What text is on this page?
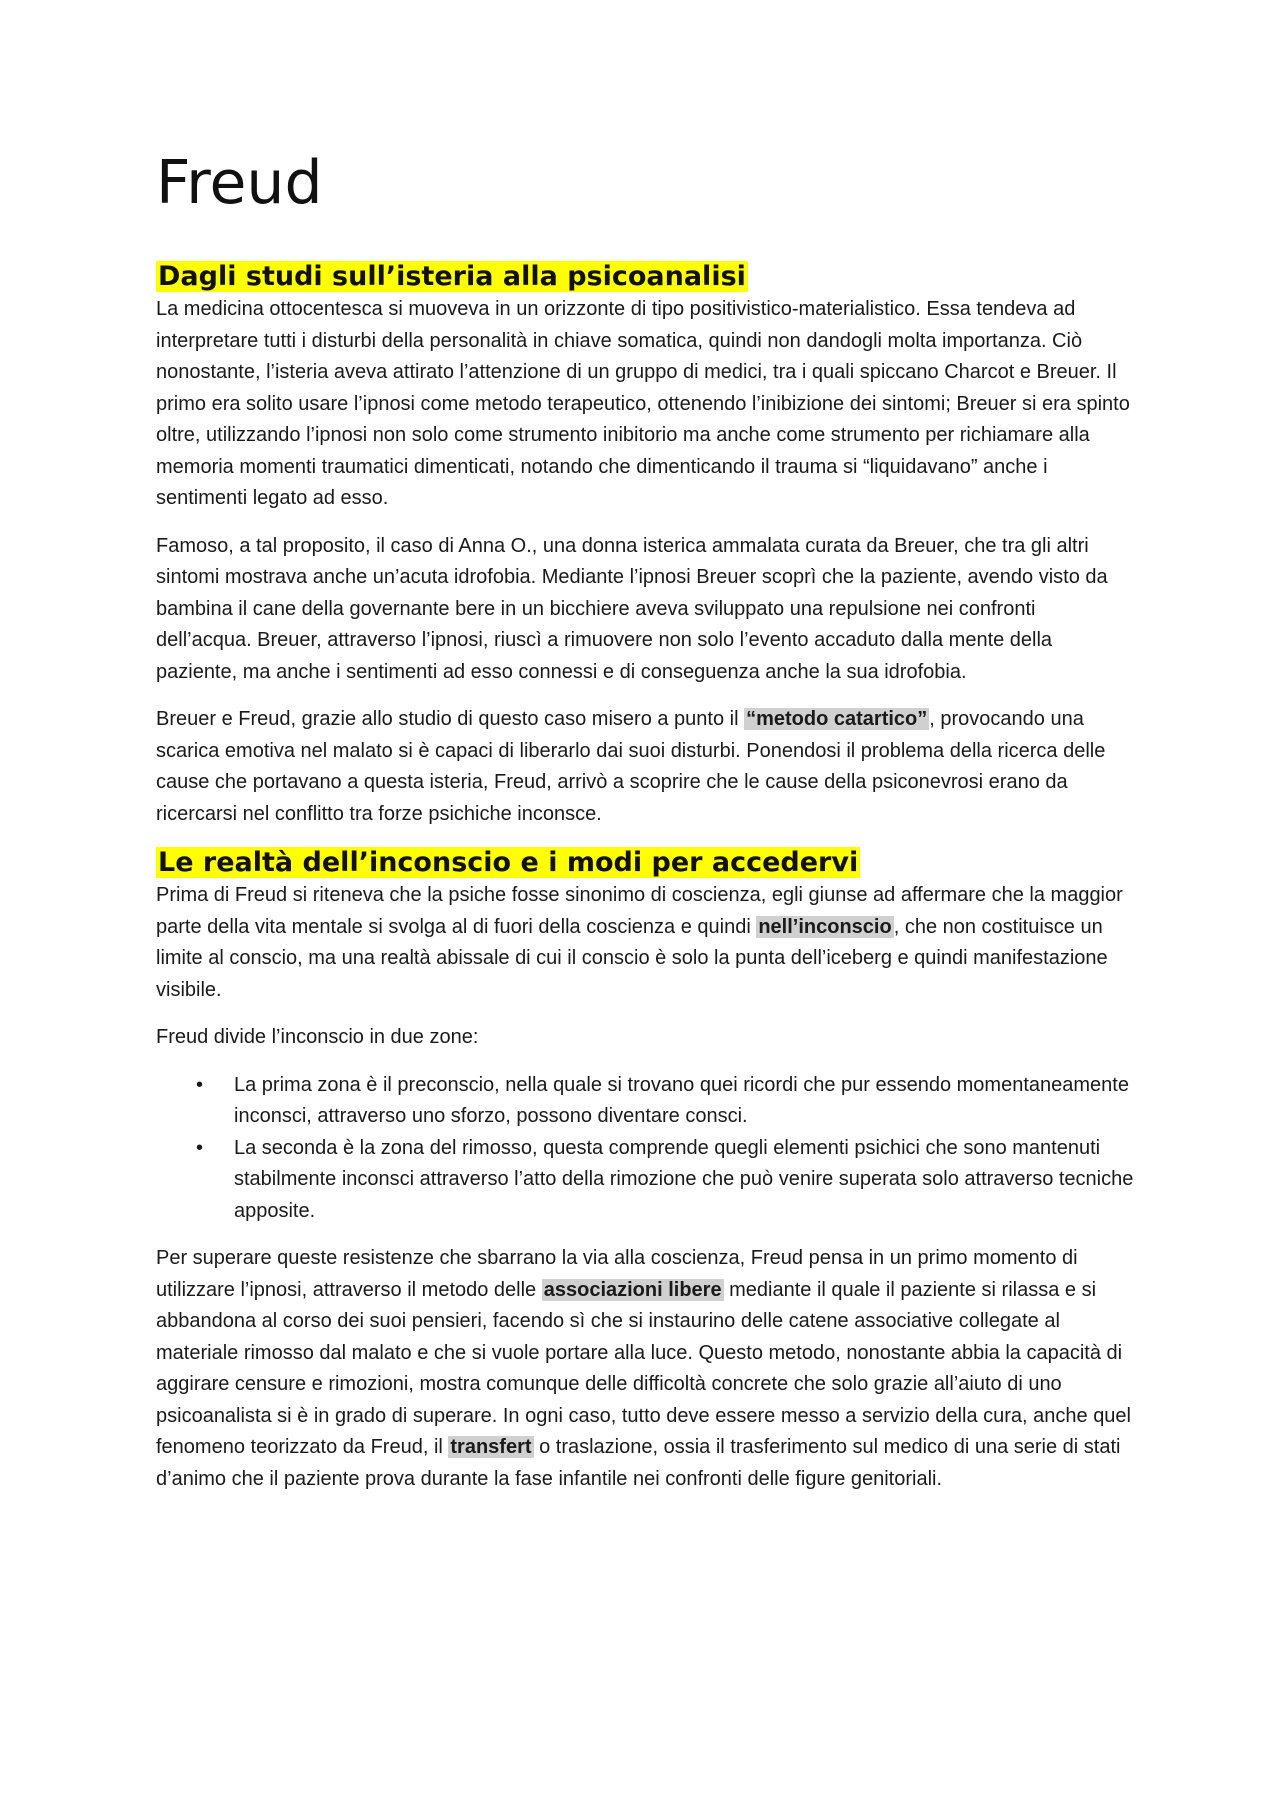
Freud
Dagli studi sull’isteria alla psicoanalisi

La medicina ottocentesca si muoveva in un orizzonte di tipo positivistico-materialistico. Essa tendeva ad interpretare tutti i disturbi della personalità in chiave somatica, quindi non dandogli molta importanza. Ciò nonostante, l’isteria aveva attirato l’attenzione di un gruppo di medici, tra i quali spiccano Charcot e Breuer. Il primo era solito usare l’ipnosi come metodo terapeutico, ottenendo l’inibizione dei sintomi; Breuer si era spinto oltre, utilizzando l’ipnosi non solo come strumento inibitorio ma anche come strumento per richiamare alla memoria momenti traumatici dimenticati, notando che dimenticando il trauma si “liquidavano” anche i sentimenti legato ad esso.

Famoso, a tal proposito, il caso di Anna O., una donna isterica ammalata curata da Breuer, che tra gli altri sintomi mostrava anche un’acuta idrofobia. Mediante l’ipnosi Breuer scoprì che la paziente, avendo visto da bambina il cane della governante bere in un bicchiere aveva sviluppato una repulsione nei confronti dell’acqua. Breuer, attraverso l’ipnosi, riuscì a rimuovere non solo l’evento accaduto dalla mente della paziente, ma anche i sentimenti ad esso connessi e di conseguenza anche la sua idrofobia.

Breuer e Freud, grazie allo studio di questo caso misero a punto il “metodo catartico” , provocando una scarica emotiva nel malato si è capaci di liberarlo dai suoi disturbi. Ponendosi il problema della ricerca delle cause che portavano a questa isteria, Freud, arrivò a scoprire che le cause della psiconevrosi erano da ricercarsi nel conflitto tra forze psichiche inconsce.

Le realtà dell’inconscio e i modi per accedervi

Prima di Freud si riteneva che la psiche fosse sinonimo di coscienza, egli giunse ad affermare che la maggior parte della vita mentale si svolga al di fuori della coscienza e quindi nell’inconscio , che non costituisce un limite al conscio, ma una realtà abissale di cui il conscio è solo la punta dell’iceberg e quindi manifestazione visibile.

Freud divide l’inconscio in due zone:

• La prima zona è il preconscio, nella quale si trovano quei ricordi che pur essendo momentaneamente inconsci, attraverso uno sforzo, possono diventare consci.
• La seconda è la zona del rimosso, questa comprende quegli elementi psichici che sono mantenuti stabilmente inconsci attraverso l’atto della rimozione che può venire superata solo attraverso tecniche apposite.

Per superare queste resistenze che sbarrano la via alla coscienza, Freud pensa in un primo momento di utilizzare l’ipnosi, attraverso il metodo delle associazioni libere mediante il quale il paziente si rilassa e si abbandona al corso dei suoi pensieri, facendo sì che si instaurino delle catene associative collegate al materiale rimosso dal malato e che si vuole portare alla luce. Questo metodo, nonostante abbia la capacità di aggirare censure e rimozioni, mostra comunque delle difficoltà concrete che solo grazie all’aiuto di uno psicoanalista si è in grado di superare. In ogni caso, tutto deve essere messo a servizio della cura, anche quel fenomeno teorizzato da Freud, il transfert o traslazione, ossia il trasferimento sul medico di una serie di stati d’animo che il paziente prova durante la fase infantile nei confronti delle figure genitoriali.
